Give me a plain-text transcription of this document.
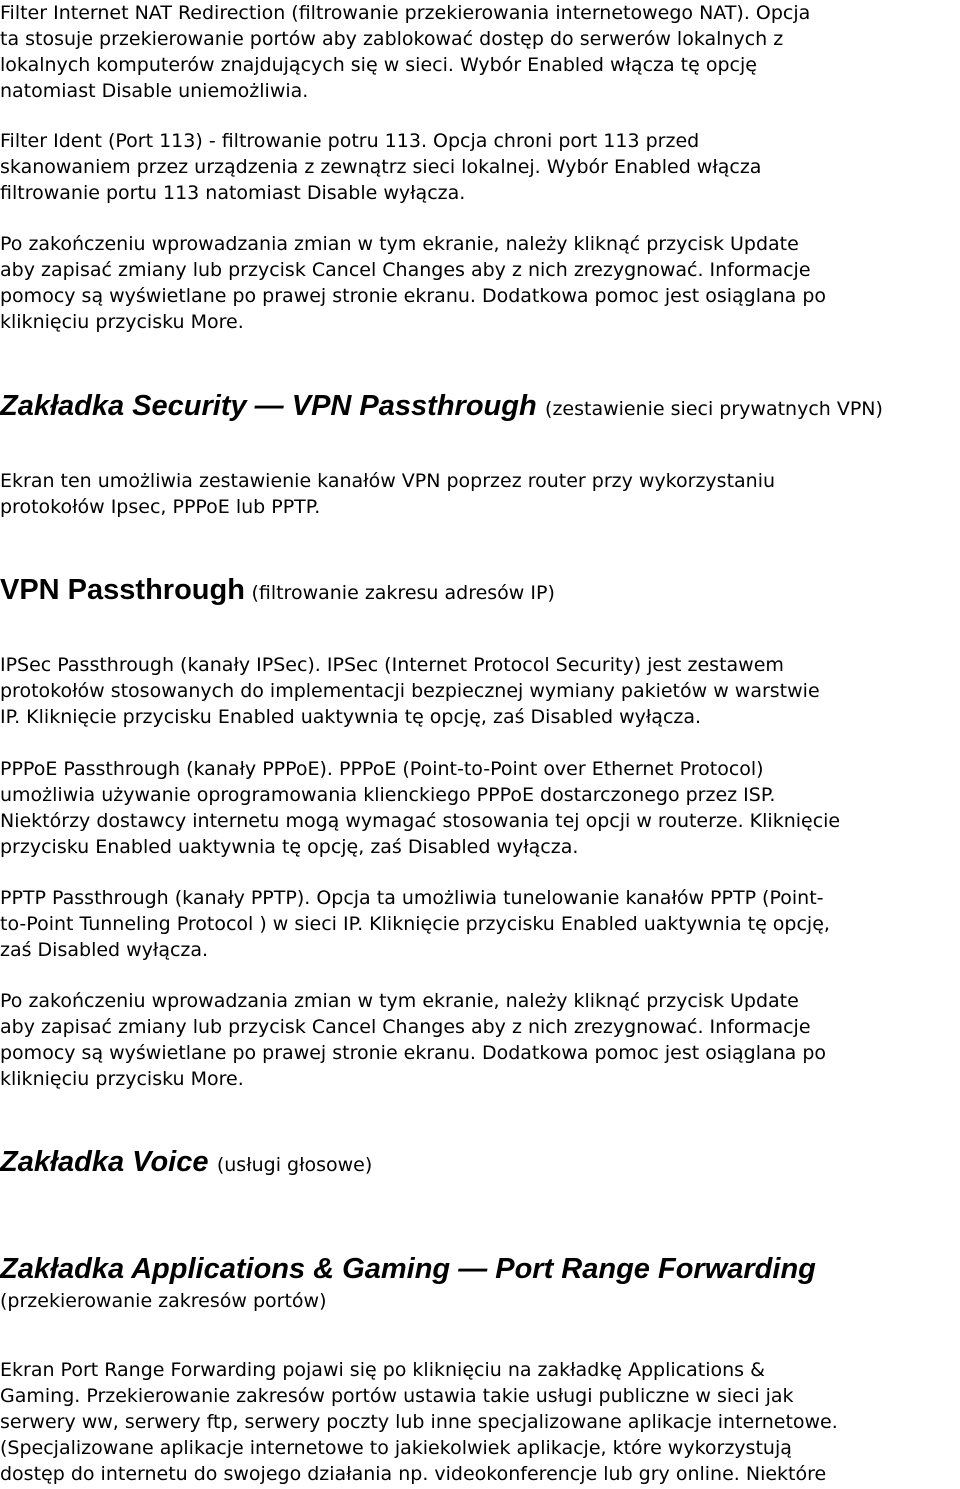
Filter Internet NAT Redirection (filtrowanie przekierowania internetowego NAT). Opcja
ta stosuje przekierowanie portów aby zablokować dostęp do serwerów lokalnych z
lokalnych komputerów znajdujących się w sieci. Wybór Enabled włącza tę opcję
natomiast Disable uniemożliwia.

Filter Ident (Port 113) - filtrowanie potru 113. Opcja chroni port 113 przed
skanowaniem przez urządzenia z zewnątrz sieci lokalnej. Wybór Enabled włącza
filtrowanie portu 113 natomiast Disable wyłącza.

Po zakończeniu wprowadzania zmian w tym ekranie, należy kliknąć przycisk Update
aby zapisać zmiany lub przycisk Cancel Changes aby z nich zrezygnować. Informacje
pomocy są wyświetlane po prawej stronie ekranu. Dodatkowa pomoc jest osiąglana po
kliknięciu przycisku More.

Zakładka Security — VPN Passthrough (zestawienie sieci prywatnych VPN)

Ekran ten umożliwia zestawienie kanałów VPN poprzez router przy wykorzystaniu
protokołów Ipsec, PPPoE lub PPTP.

VPN Passthrough (filtrowanie zakresu adresów IP)

IPSec Passthrough (kanały IPSec). IPSec (Internet Protocol Security) jest zestawem
protokołów stosowanych do implementacji bezpiecznej wymiany pakietów w warstwie
IP. Kliknięcie przycisku Enabled uaktywnia tę opcję, zaś Disabled wyłącza.

PPPoE Passthrough (kanały PPPoE). PPPoE (Point-to-Point over Ethernet Protocol)
umożliwia używanie oprogramowania klienckiego PPPoE dostarczonego przez ISP.
Niektórzy dostawcy internetu mogą wymagać stosowania tej opcji w routerze. Kliknięcie
przycisku Enabled uaktywnia tę opcję, zaś Disabled wyłącza.

PPTP Passthrough (kanały PPTP). Opcja ta umożliwia tunelowanie kanałów PPTP (Point-
to-Point Tunneling Protocol ) w sieci IP. Kliknięcie przycisku Enabled uaktywnia tę opcję,
zaś Disabled wyłącza.

Po zakończeniu wprowadzania zmian w tym ekranie, należy kliknąć przycisk Update
aby zapisać zmiany lub przycisk Cancel Changes aby z nich zrezygnować. Informacje
pomocy są wyświetlane po prawej stronie ekranu. Dodatkowa pomoc jest osiąglana po
kliknięciu przycisku More.

Zakładka Voice (usługi głosowe)
Zakładka Applications & Gaming — Port Range Forwarding
(przekierowanie zakresów portów)

Ekran Port Range Forwarding pojawi się po kliknięciu na zakładkę Applications &
Gaming. Przekierowanie zakresów portów ustawia takie usługi publiczne w sieci jak
serwery ww, serwery ftp, serwery poczty lub inne specjalizowane aplikacje internetowe.
(Specjalizowane aplikacje internetowe to jakiekolwiek aplikacje, które wykorzystują
dostęp do internetu do swojego działania np. videokonferencje lub gry online. Niektóre
